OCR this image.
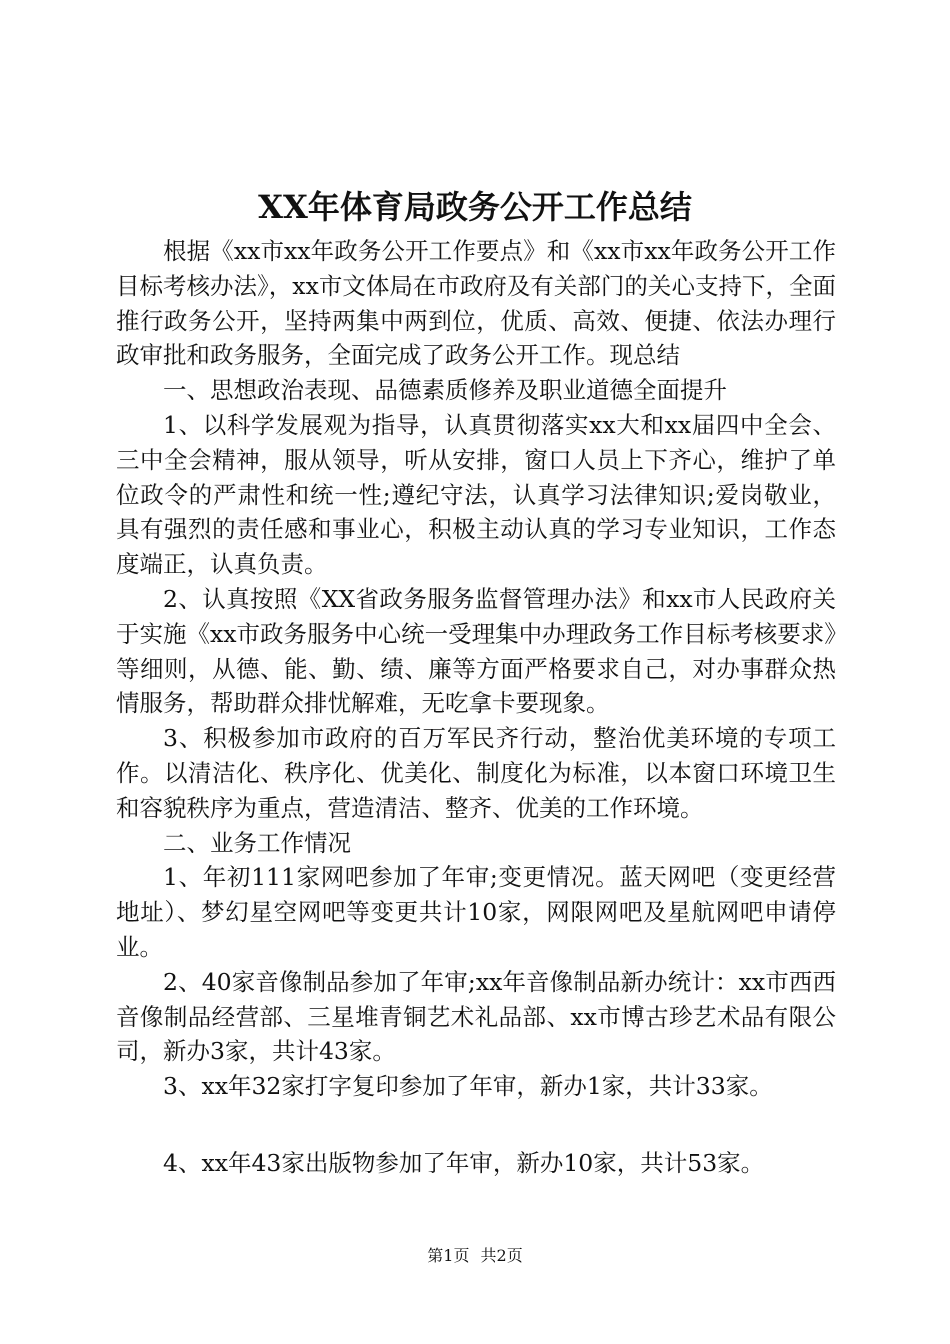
XX年体育局政务公开工作总结

根据《xx市xx年政务公开工作要点》和《xx市xx年政务公开工作目标考核办法》，xx市文体局在市政府及有关部门的关心支持下，全面推行政务公开，坚持两集中两到位，优质、高效、便捷、依法办理行政审批和政务服务，全面完成了政务公开工作。现总结

一、思想政治表现、品德素质修养及职业道德全面提升

1、以科学发展观为指导，认真贯彻落实xx大和xx届四中全会、三中全会精神，服从领导，听从安排，窗口人员上下齐心，维护了单位政令的严肃性和统一性;遵纪守法，认真学习法律知识;爱岗敬业，具有强烈的责任感和事业心，积极主动认真的学习专业知识，工作态度端正，认真负责。

2、认真按照《XX省政务服务监督管理办法》和xx市人民政府关于实施《xx市政务服务中心统一受理集中办理政务工作目标考核要求》等细则，从德、能、勤、绩、廉等方面严格要求自己，对办事群众热情服务，帮助群众排忧解难，无吃拿卡要现象。

3、积极参加市政府的百万军民齐行动，整治优美环境的专项工作。以清洁化、秩序化、优美化、制度化为标准，以本窗口环境卫生和容貌秩序为重点，营造清洁、整齐、优美的工作环境。

二、业务工作情况

1、年初111家网吧参加了年审;变更情况。蓝天网吧（变更经营地址）、梦幻星空网吧等变更共计10家，网限网吧及星航网吧申请停业。

2、40家音像制品参加了年审;xx年音像制品新办统计：xx市西西音像制品经营部、三星堆青铜艺术礼品部、xx市博古珍艺术品有限公司，新办3家，共计43家。

3、xx年32家打字复印参加了年审，新办1家，共计33家。

4、xx年43家出版物参加了年审，新办10家，共计53家。

第1页 共2页
